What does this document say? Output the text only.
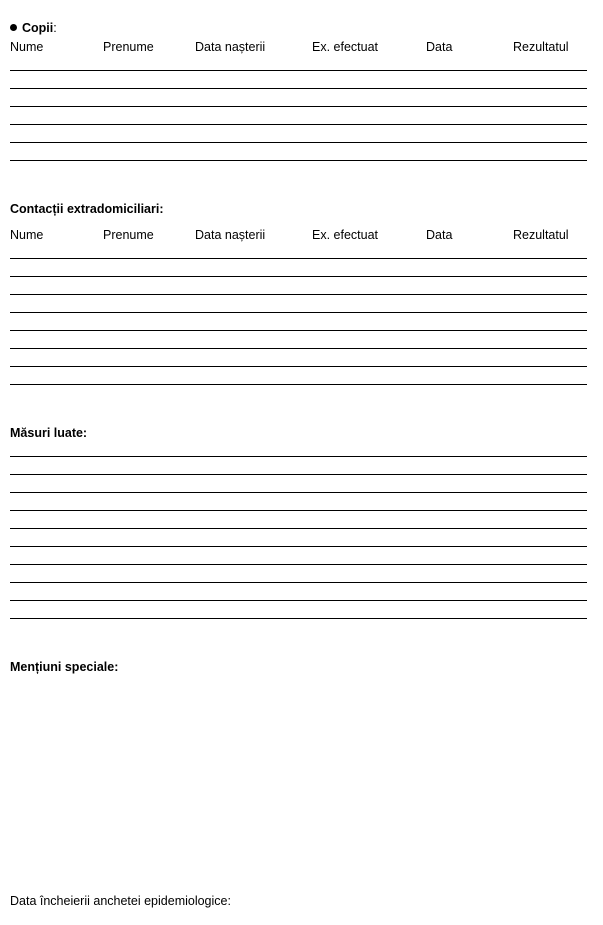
Copii:
Nume	Prenume	Data nașterii	Ex. efectuat	Data	Rezultatul
Contacții extradomiciliari:
Nume	Prenume	Data nașterii	Ex. efectuat	Data	Rezultatul
Măsuri luate:
Mențiuni speciale:
Data încheierii anchetei epidemiologice:
